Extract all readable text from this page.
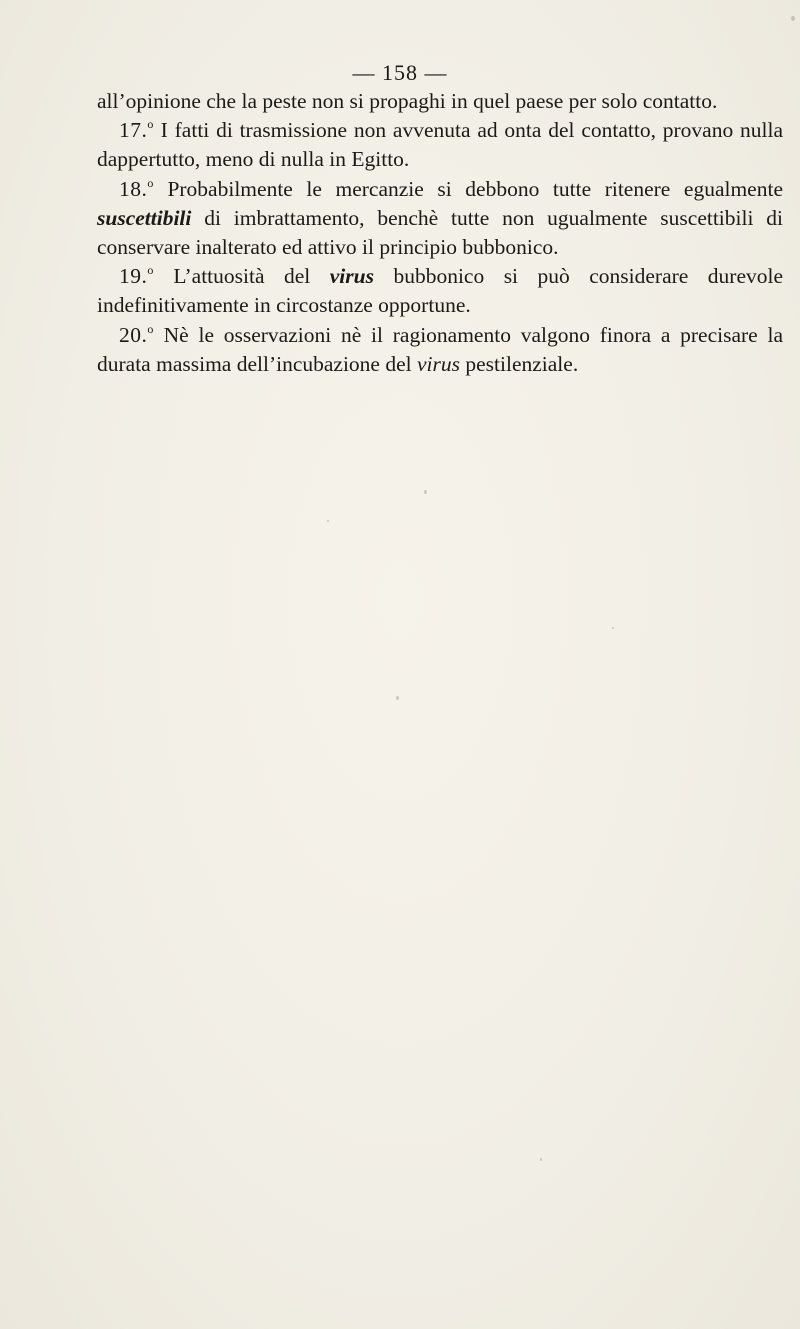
— 158 —

all’opinione che la peste non si propaghi in quel paese per solo contatto.

17.$^o$ I fatti di trasmissione non avvenuta ad onta del contatto, provano nulla dappertutto, meno di nulla in Egitto.

18.$^o$ Probabilmente le mercanzie si debbono tutte ritenere egualmente suscettibili di imbrattamento, benchè tutte non ugualmente suscettibili di conservare inalterato ed attivo il principio bubbonico.

19.$^o$ L’attuosità del virus bubbonico si può considerare durevole indefinitivamente in circostanze opportune.

20.$^o$ Nè le osservazioni nè il ragionamento valgono finora a precisare la durata massima dell’incubazione del virus pestilenziale.
